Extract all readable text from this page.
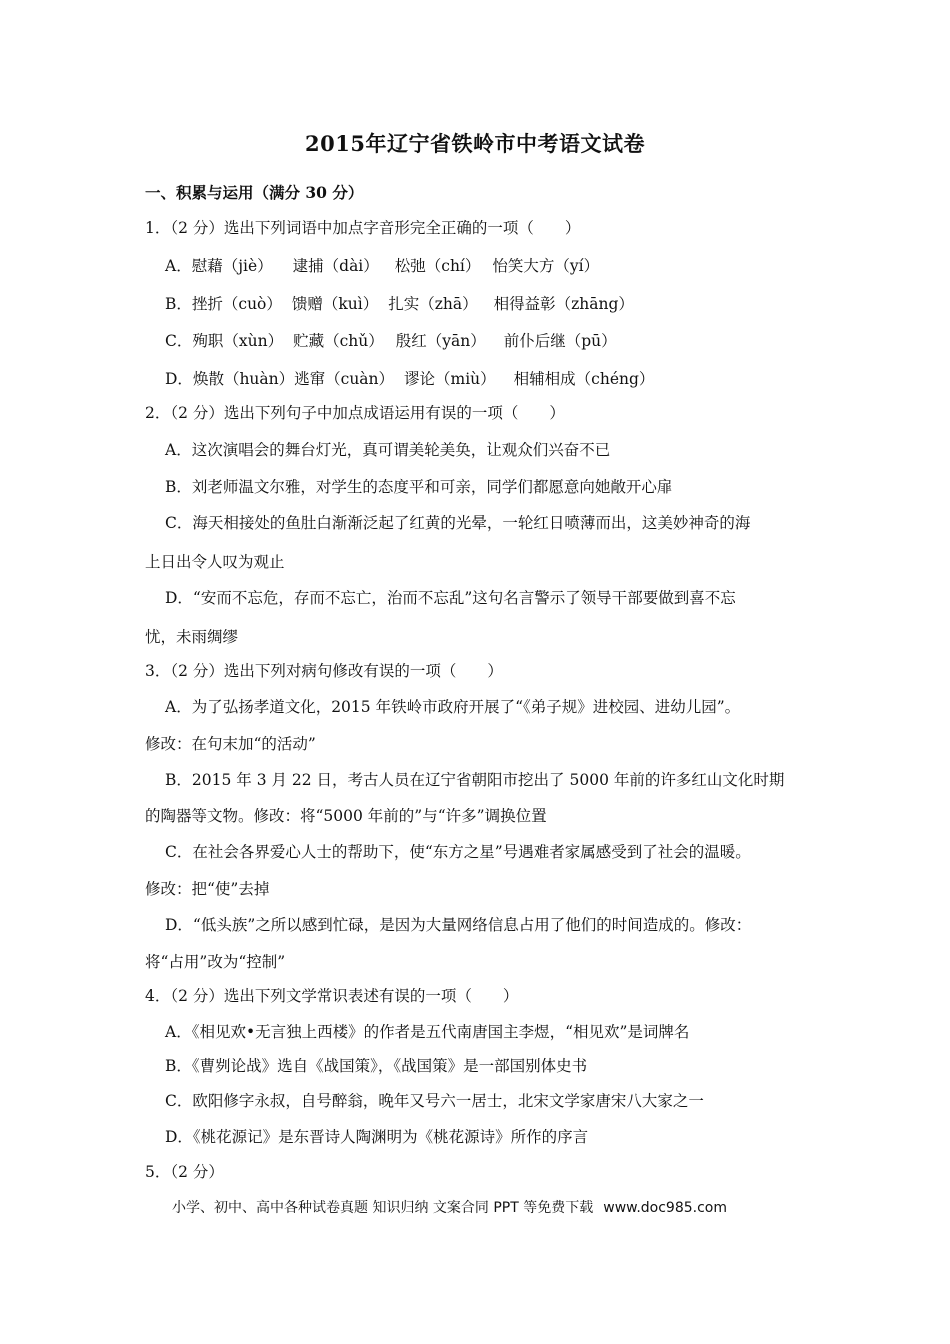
2015年辽宁省铁岭市中考语文试卷
一、积累与运用（满分 30 分）
1．（2 分）选出下列词语中加点字音形完全正确的一项（　　）
A．慰藉（jiè） 逮捕（dài） 松弛（chí） 怡笑大方（yí）
B．挫折（cuò） 馈赠（kuì） 扎实（zhā） 相得益彰（zhāng）
C．殉职（xùn） 贮藏（chǔ） 殷红（yān） 前仆后继（pū）
D．焕散（huàn）逃窜（cuàn） 谬论（miù） 相辅相成（chéng）
2．（2 分）选出下列句子中加点成语运用有误的一项（　　）
A．这次演唱会的舞台灯光，真可谓美轮美奂，让观众们兴奋不已
B．刘老师温文尔雅，对学生的态度平和可亲，同学们都愿意向她敞开心扉
C．海天相接处的鱼肚白渐渐泛起了红黄的光晕，一轮红日喷薄而出，这美妙神奇的海
上日出令人叹为观止
D．“安而不忘危，存而不忘亡，治而不忘乱”这句名言警示了领导干部要做到喜不忘
忧，未雨绸缪
3．（2 分）选出下列对病句修改有误的一项（　　）
A．为了弘扬孝道文化，2015 年铁岭市政府开展了“《弟子规》进校园、进幼儿园”。
修改：在句末加“的活动”
B．2015 年 3 月 22 日，考古人员在辽宁省朝阳市挖出了 5000 年前的许多红山文化时期
的陶器等文物。修改：将“5000 年前的”与“许多”调换位置
C．在社会各界爱心人士的帮助下，使“东方之星”号遇难者家属感受到了社会的温暖。
修改：把“使”去掉
D．“低头族”之所以感到忙碌，是因为大量网络信息占用了他们的时间造成的。修改：
将“占用”改为“控制”
4．（2 分）选出下列文学常识表述有误的一项（　　）
A．《相见欢•无言独上西楼》的作者是五代南唐国主李煜，“相见欢”是词牌名
B．《曹刿论战》选自《战国策》，《战国策》是一部国别体史书
C．欧阳修字永叔，自号醉翁，晚年又号六一居士，北宋文学家唐宋八大家之一
D．《桃花源记》是东晋诗人陶渊明为《桃花源诗》所作的序言
5．（2 分）
小学、初中、高中各种试卷真题 知识归纳 文案合同 PPT 等免费下载 www.doc985.com
